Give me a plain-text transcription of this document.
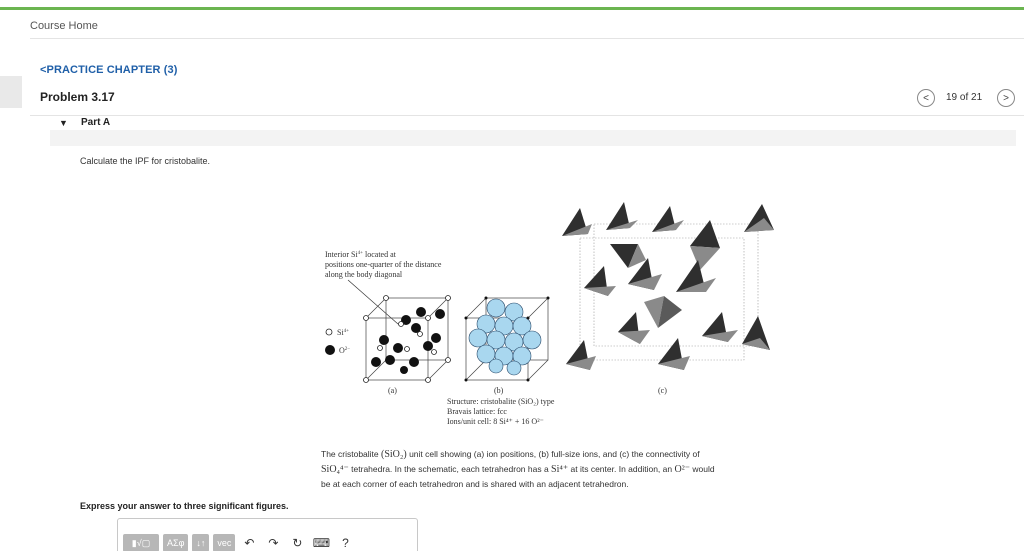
Course Home
<PRACTICE CHAPTER (3)
Problem 3.17	< 19 of 21 >
▼ Part A
Calculate the IPF for cristobalite.
Interior $Si^{4+}$ located at
positions one-quarter of the distance
along the body diagonal
$Si^{4+}$
$O^{2-}$
(a)	(b)
Structure: cristobalite (SiO₂) type
Bravais lattice: fcc
Ions/unit cell: 8 Si⁴⁺ + 16 O²⁻
(c)
The cristobalite (SiO₂) unit cell showing (a) ion positions, (b) full-size ions, and (c) the connectivity of
SiO₄⁴⁻ tetrahedra. In the schematic, each tetrahedron has a Si⁴⁺ at its center. In addition, an O²⁻ would
be at each corner of each tetrahedron and is shared with an adjacent tetrahedron.
Express your answer to three significant figures.
▮√▢	AΣφ	↓↑	vec	↶	↷	↻ ⌨	?
